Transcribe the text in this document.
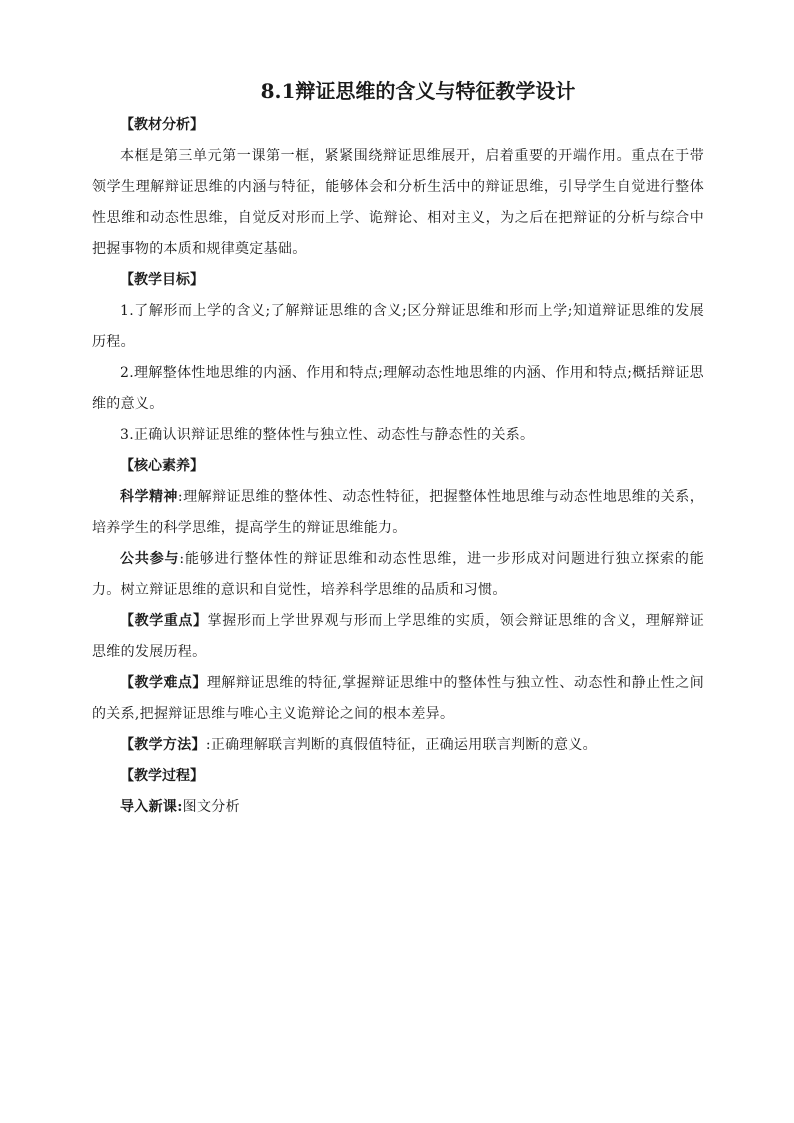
8.1辩证思维的含义与特征教学设计
【教材分析】

本框是第三单元第一课第一框，紧紧围绕辩证思维展开，启着重要的开端作用。重点在于带领学生理解辩证思维的内涵与特征，能够体会和分析生活中的辩证思维，引导学生自觉进行整体性思维和动态性思维，自觉反对形而上学、诡辩论、相对主义，为之后在把辩证的分析与综合中把握事物的本质和规律奠定基础。

【教学目标】

1.了解形而上学的含义;了解辩证思维的含义;区分辩证思维和形而上学;知道辩证思维的发展历程。

2.理解整体性地思维的内涵、作用和特点;理解动态性地思维的内涵、作用和特点;概括辩证思维的意义。

3.正确认识辩证思维的整体性与独立性、动态性与静态性的关系。

【核心素养】

科学精神:理解辩证思维的整体性、动态性特征，把握整体性地思维与动态性地思维的关系，培养学生的科学思维，提高学生的辩证思维能力。

公共参与:能够进行整体性的辩证思维和动态性思维，进一步形成对问题进行独立探索的能力。树立辩证思维的意识和自觉性，培养科学思维的品质和习惯。

【教学重点】掌握形而上学世界观与形而上学思维的实质，领会辩证思维的含义，理解辩证思维的发展历程。

【教学难点】理解辩证思维的特征,掌握辩证思维中的整体性与独立性、动态性和静止性之间的关系,把握辩证思维与唯心主义诡辩论之间的根本差异。

【教学方法】:正确理解联言判断的真假值特征，正确运用联言判断的意义。

【教学过程】

导入新课:图文分析
